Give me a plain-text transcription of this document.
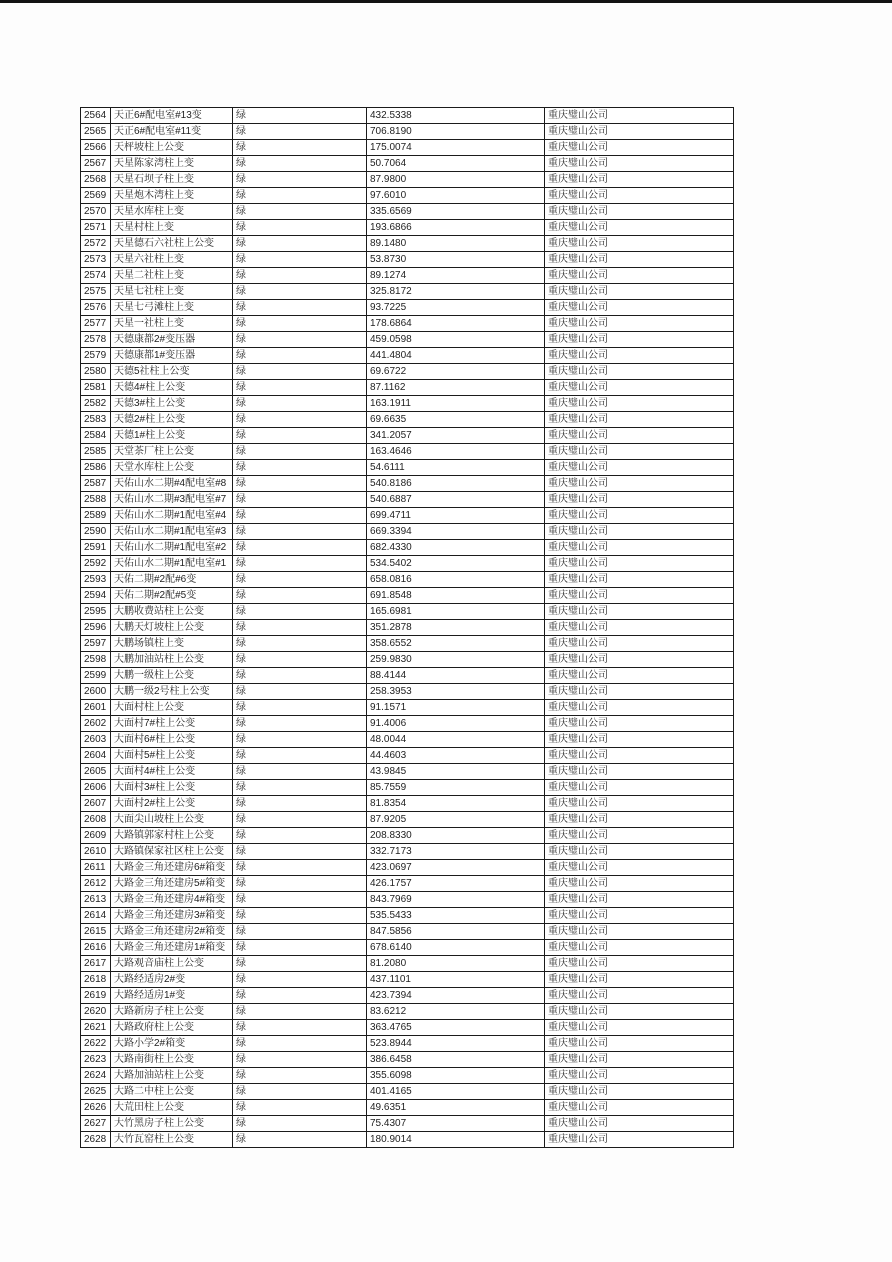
2564	天正6#配电室#13变	绿	432.5338	重庆璧山公司
2565	天正6#配电室#11变	绿	706.8190	重庆璧山公司
2566	天枰坡柱上公变	绿	175.0074	重庆璧山公司
2567	天星陈家湾柱上变	绿	50.7064	重庆璧山公司
2568	天星石坝子柱上变	绿	87.9800	重庆璧山公司
2569	天星炮木湾柱上变	绿	97.6010	重庆璧山公司
2570	天星水库柱上变	绿	335.6569	重庆璧山公司
2571	天星村柱上变	绿	193.6866	重庆璧山公司
2572	天星德石六社柱上公变	绿	89.1480	重庆璧山公司
2573	天星六社柱上变	绿	53.8730	重庆璧山公司
2574	天星二社柱上变	绿	89.1274	重庆璧山公司
2575	天星七社柱上变	绿	325.8172	重庆璧山公司
2576	天星七弓滩柱上变	绿	93.7225	重庆璧山公司
2577	天星一社柱上变	绿	178.6864	重庆璧山公司
2578	天德康都2#变压器	绿	459.0598	重庆璧山公司
2579	天德康都1#变压器	绿	441.4804	重庆璧山公司
2580	天德5社柱上公变	绿	69.6722	重庆璧山公司
2581	天德4#柱上公变	绿	87.1162	重庆璧山公司
2582	天德3#柱上公变	绿	163.1911	重庆璧山公司
2583	天德2#柱上公变	绿	69.6635	重庆璧山公司
2584	天德1#柱上公变	绿	341.2057	重庆璧山公司
2585	天堂茶厂柱上公变	绿	163.4646	重庆璧山公司
2586	天堂水库柱上公变	绿	54.6111	重庆璧山公司
2587	天佑山水二期#4配电室#8	绿	540.8186	重庆璧山公司
2588	天佑山水二期#3配电室#7	绿	540.6887	重庆璧山公司
2589	天佑山水二期#1配电室#4	绿	699.4711	重庆璧山公司
2590	天佑山水二期#1配电室#3	绿	669.3394	重庆璧山公司
2591	天佑山水二期#1配电室#2	绿	682.4330	重庆璧山公司
2592	天佑山水二期#1配电室#1	绿	534.5402	重庆璧山公司
2593	天佑二期#2配#6变	绿	658.0816	重庆璧山公司
2594	天佑二期#2配#5变	绿	691.8548	重庆璧山公司
2595	大鹏收费站柱上公变	绿	165.6981	重庆璧山公司
2596	大鹏天灯坡柱上公变	绿	351.2878	重庆璧山公司
2597	大鹏场镇柱上变	绿	358.6552	重庆璧山公司
2598	大鹏加油站柱上公变	绿	259.9830	重庆璧山公司
2599	大鹏一级柱上公变	绿	88.4144	重庆璧山公司
2600	大鹏一级2号柱上公变	绿	258.3953	重庆璧山公司
2601	大面村柱上公变	绿	91.1571	重庆璧山公司
2602	大面村7#柱上公变	绿	91.4006	重庆璧山公司
2603	大面村6#柱上公变	绿	48.0044	重庆璧山公司
2604	大面村5#柱上公变	绿	44.4603	重庆璧山公司
2605	大面村4#柱上公变	绿	43.9845	重庆璧山公司
2606	大面村3#柱上公变	绿	85.7559	重庆璧山公司
2607	大面村2#柱上公变	绿	81.8354	重庆璧山公司
2608	大面尖山坡柱上公变	绿	87.9205	重庆璧山公司
2609	大路镇郭家村柱上公变	绿	208.8330	重庆璧山公司
2610	大路镇保家社区柱上公变	绿	332.7173	重庆璧山公司
2611	大路金三角还建房6#箱变	绿	423.0697	重庆璧山公司
2612	大路金三角还建房5#箱变	绿	426.1757	重庆璧山公司
2613	大路金三角还建房4#箱变	绿	843.7969	重庆璧山公司
2614	大路金三角还建房3#箱变	绿	535.5433	重庆璧山公司
2615	大路金三角还建房2#箱变	绿	847.5856	重庆璧山公司
2616	大路金三角还建房1#箱变	绿	678.6140	重庆璧山公司
2617	大路观音庙柱上公变	绿	81.2080	重庆璧山公司
2618	大路经适房2#变	绿	437.1101	重庆璧山公司
2619	大路经适房1#变	绿	423.7394	重庆璧山公司
2620	大路新房子柱上公变	绿	83.6212	重庆璧山公司
2621	大路政府柱上公变	绿	363.4765	重庆璧山公司
2622	大路小学2#箱变	绿	523.8944	重庆璧山公司
2623	大路南街柱上公变	绿	386.6458	重庆璧山公司
2624	大路加油站柱上公变	绿	355.6098	重庆璧山公司
2625	大路二中柱上公变	绿	401.4165	重庆璧山公司
2626	大荒田柱上公变	绿	49.6351	重庆璧山公司
2627	大竹黑房子柱上公变	绿	75.4307	重庆璧山公司
2628	大竹瓦窑柱上公变	绿	180.9014	重庆璧山公司
